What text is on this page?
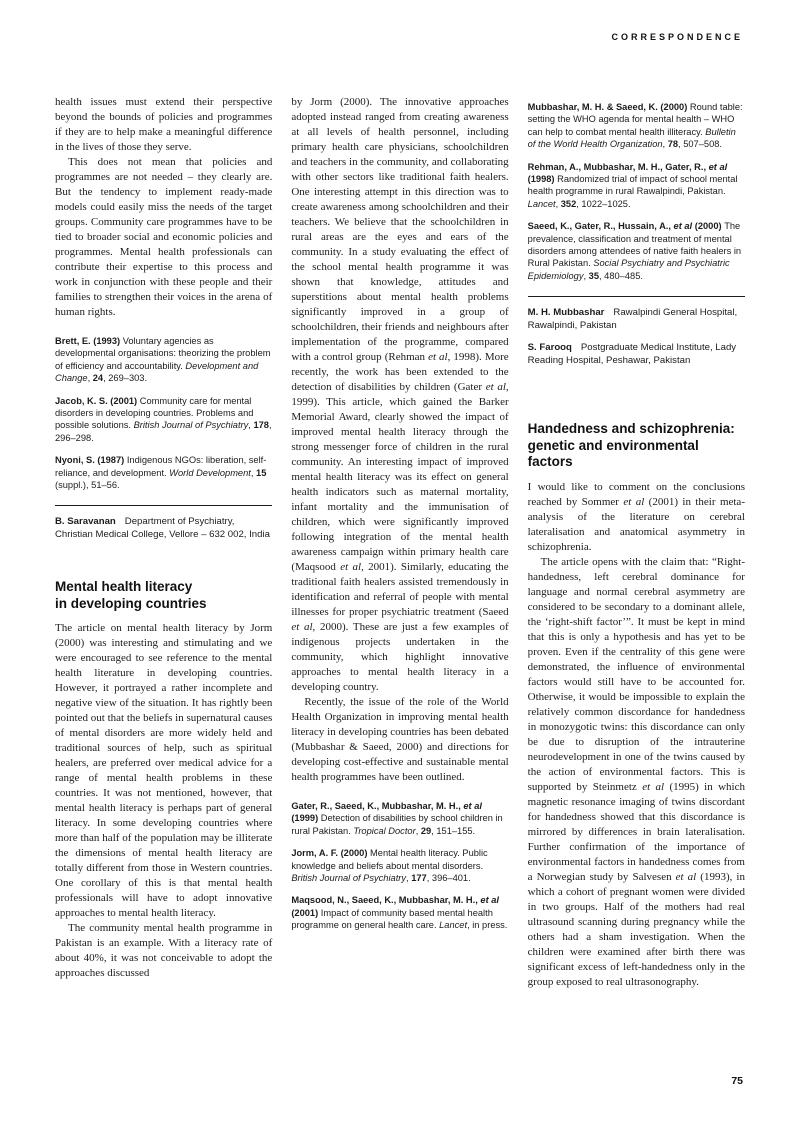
CORRESPONDENCE

health issues must extend their perspective beyond the bounds of policies and programmes if they are to help make a meaningful difference in the lives of those they serve.

This does not mean that policies and programmes are not needed – they clearly are. But the tendency to implement ready-made models could easily miss the needs of the target groups. Community care programmes have to be tied to broader social and economic policies and programmes. Mental health professionals can contribute their expertise to this process and work in conjunction with these people and their families to strengthen their voices in the arena of human rights.

Brett, E. (1993) Voluntary agencies as developmental organisations: theorizing the problem of efficiency and accountability. Development and Change, 24, 269–303.

Jacob, K. S. (2001) Community care for mental disorders in developing countries. Problems and possible solutions. British Journal of Psychiatry, 178, 296–298.

Nyoni, S. (1987) Indigenous NGOs: liberation, self-reliance, and development. World Development, 15 (suppl.), 51–56.

B. Saravanan Department of Psychiatry, Christian Medical College, Vellore – 632 002, India

Mental health literacy
in developing countries

The article on mental health literacy by Jorm (2000) was interesting and stimulating and we were encouraged to see reference to the mental health literature in developing countries. However, it portrayed a rather incomplete and negative view of the situation. It has rightly been pointed out that the beliefs in supernatural causes of mental disorders are more widely held and traditional sources of help, such as spiritual healers, are preferred over medical advice for a range of mental health problems in these countries. It was not mentioned, however, that mental health literacy is perhaps part of general literacy. In some developing countries where more than half of the population may be illiterate the dimensions of mental health literacy are totally different from those in Western countries. One corollary of this is that mental health professionals will have to adopt innovative approaches to mental health literacy.

The community mental health programme in Pakistan is an example. With a literacy rate of about 40%, it was not conceivable to adopt the approaches discussed

by Jorm (2000). The innovative approaches adopted instead ranged from creating awareness at all levels of health personnel, including primary health care physicians, schoolchildren and teachers in the community, and collaborating with other sectors like traditional faith healers. One interesting attempt in this direction was to create awareness among schoolchildren and their teachers. We believe that the schoolchildren in rural areas are the eyes and ears of the community. In a study evaluating the effect of the school mental health programme it was shown that knowledge, attitudes and superstitions about mental health problems significantly improved in a group of schoolchildren, their friends and neighbours after implementation of the programme, compared with a control group (Rehman et al, 1998). More recently, the work has been extended to the detection of disabilities by children (Gater et al, 1999). This article, which gained the Barker Memorial Award, clearly showed the impact of improved mental health literacy through the strong messenger force of children in the rural community. An interesting impact of improved mental health literacy was its effect on general health indicators such as maternal mortality, infant mortality and the immunisation of children, which were significantly improved following integration of the mental health awareness campaign within primary health care (Maqsood et al, 2001). Similarly, educating the traditional faith healers assisted tremendously in identification and referral of people with mental illnesses for proper psychiatric treatment (Saeed et al, 2000). These are just a few examples of indigenous projects undertaken in the community, which highlight innovative approaches to mental health literacy in a developing country.

Recently, the issue of the role of the World Health Organization in improving mental health literacy in developing countries has been debated (Mubbashar & Saeed, 2000) and directions for developing cost-effective and sustainable mental health programmes have been outlined.

Gater, R., Saeed, K., Mubbashar, M. H., et al (1999) Detection of disabilities by school children in rural Pakistan. Tropical Doctor, 29, 151–155.

Jorm, A. F. (2000) Mental health literacy. Public knowledge and beliefs about mental disorders. British Journal of Psychiatry, 177, 396–401.

Maqsood, N., Saeed, K., Mubbashar, M. H., et al (2001) Impact of community based mental health programme on general health care. Lancet, in press.

Mubbashar, M. H. & Saeed, K. (2000) Round table: setting the WHO agenda for mental health – WHO can help to combat mental health illiteracy. Bulletin of the World Health Organization, 78, 507–508.

Rehman, A., Mubbashar, M. H., Gater, R., et al (1998) Randomized trial of impact of school mental health programme in rural Rawalpindi, Pakistan. Lancet, 352, 1022–1025.

Saeed, K., Gater, R., Hussain, A., et al (2000) The prevalence, classification and treatment of mental disorders among attendees of native faith healers in Rural Pakistan. Social Psychiatry and Psychiatric Epidemiology, 35, 480–485.

M. H. Mubbashar Rawalpindi General Hospital, Rawalpindi, Pakistan

S. Farooq Postgraduate Medical Institute, Lady Reading Hospital, Peshawar, Pakistan

Handedness and schizophrenia:
genetic and environmental factors

I would like to comment on the conclusions reached by Sommer et al (2001) in their meta-analysis of the literature on cerebral lateralisation and anatomical asymmetry in schizophrenia.

The article opens with the claim that: “Right-handedness, left cerebral dominance for language and normal cerebral asymmetry are considered to be secondary to a dominant allele, the ‘right-shift factor’”. It must be kept in mind that this is only a hypothesis and has yet to be proven. Even if the centrality of this gene were demonstrated, the influence of environmental factors would still have to be accounted for. Otherwise, it would be impossible to explain the relatively common discordance for handedness in monozygotic twins: this discordance can only be due to disruption of the intrauterine neurodevelopment in one of the twins caused by the action of environmental factors. This is supported by Steinmetz et al (1995) in which magnetic resonance imaging of twins discordant for handedness showed that this discordance is mirrored by differences in brain lateralisation. Further confirmation of the importance of environmental factors in handedness comes from a Norwegian study by Salvesen et al (1993), in which a cohort of pregnant women were divided in two groups. Half of the mothers had real ultrasound scanning during pregnancy while the others had a sham investigation. When the children were examined after birth there was significant excess of left-handedness only in the group exposed to real ultrasonography.

75
